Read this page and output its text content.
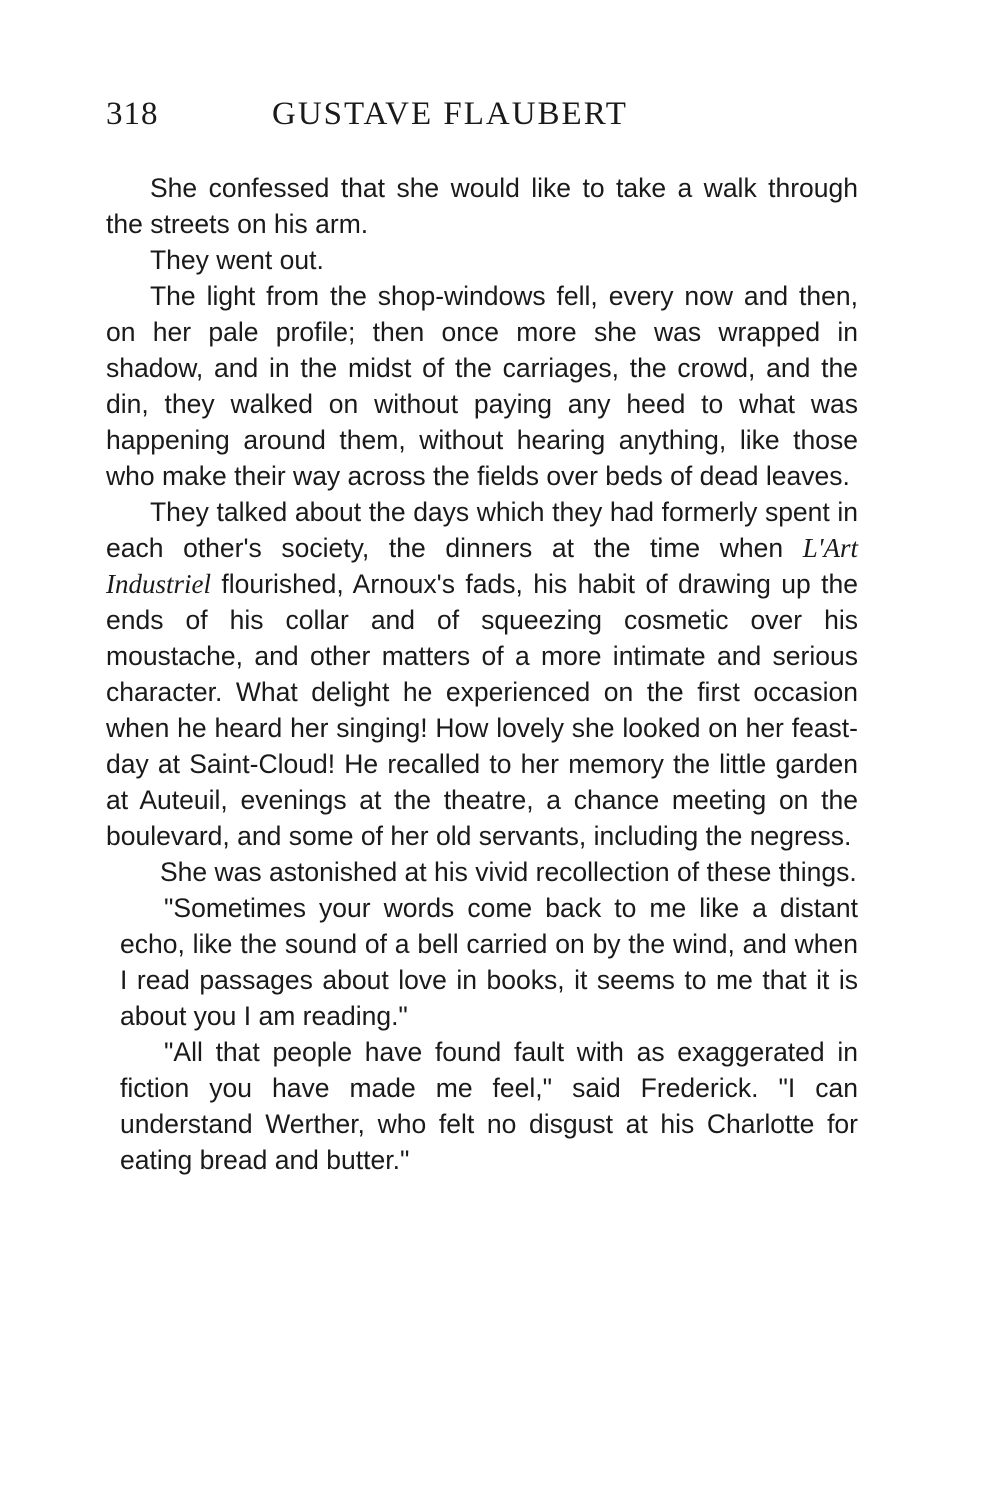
318	GUSTAVE FLAUBERT

She confessed that she would like to take a walk through the streets on his arm.

They went out.

The light from the shop-windows fell, every now and then, on her pale profile; then once more she was wrapped in shadow, and in the midst of the carriages, the crowd, and the din, they walked on without paying any heed to what was happening around them, without hearing anything, like those who make their way across the fields over beds of dead leaves.

They talked about the days which they had formerly spent in each other's society, the dinners at the time when L'Art Industriel flourished, Arnoux's fads, his habit of drawing up the ends of his collar and of squeezing cosmetic over his moustache, and other matters of a more intimate and serious character. What delight he experienced on the first occasion when he heard her singing! How lovely she looked on her feast-day at Saint-Cloud! He recalled to her memory the little garden at Auteuil, evenings at the theatre, a chance meeting on the boulevard, and some of her old servants, including the negress.

She was astonished at his vivid recollection of these things.

"Sometimes your words come back to me like a distant echo, like the sound of a bell carried on by the wind, and when I read passages about love in books, it seems to me that it is about you I am reading."

"All that people have found fault with as exaggerated in fiction you have made me feel," said Frederick. "I can understand Werther, who felt no disgust at his Charlotte for eating bread and butter."
